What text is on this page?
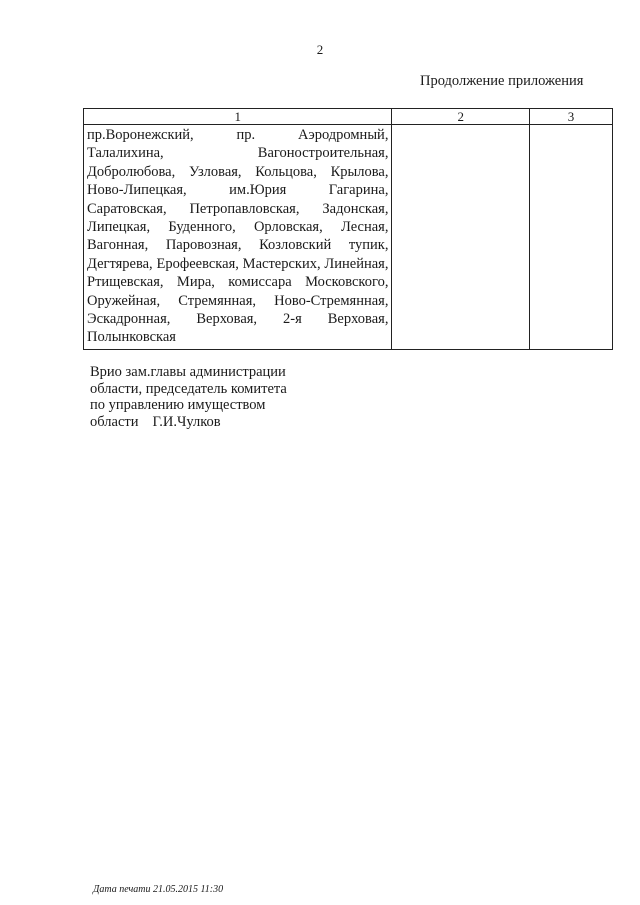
2
Продолжение приложения
1	2	3
пр.Воронежский, пр. Аэродромный, Талалихина, Вагоностроительная, Добролюбова, Узловая, Кольцова, Крылова, Ново-Липецкая, им.Юрия Гагарина, Саратовская, Петропавловская, Задонская, Липецкая, Буденного, Орловская, Лесная, Вагонная, Паровозная, Козловский тупик, Дегтярева, Ерофеевская, Мастерских, Линейная, Ртищевская, Мира, комиссара Московского, Оружейная, Стремянная, Ново-Стремянная, Эскадронная, Верховая, 2-я Верховая, Полынковская		
Врио зам.главы администрации
области, председатель комитета
по управлению имуществом
области Г.И.Чулков
Дата печати 21.05.2015 11:30
